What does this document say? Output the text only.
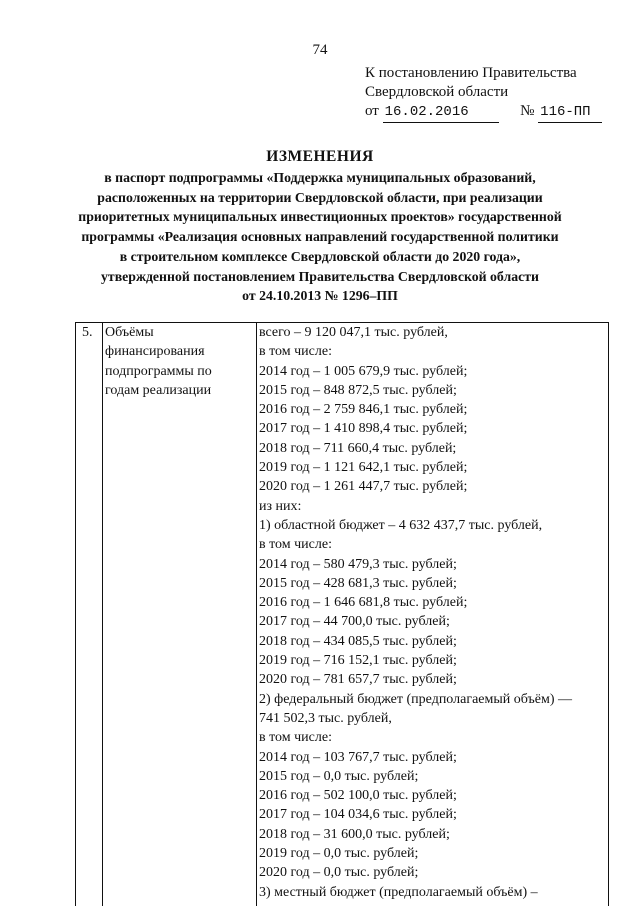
74
К постановлению Правительства
Свердловской области
от 16.02.2016	№ 116-ПП
ИЗМЕНЕНИЯ
в паспорт подпрограммы «Поддержка муниципальных образований,
расположенных на территории Свердловской области, при реализации
приоритетных муниципальных инвестиционных проектов» государственной
программы «Реализация основных направлений государственной политики
в строительном комплексе Свердловской области до 2020 года»,
утвержденной постановлением Правительства Свердловской области
от 24.10.2013 № 1296–ПП
5. Объёмы
финансирования
подпрограммы по
годам реализации
всего – 9 120 047,1 тыс. рублей,
в том числе:
2014 год – 1 005 679,9 тыс. рублей;
2015 год – 848 872,5 тыс. рублей;
2016 год – 2 759 846,1 тыс. рублей;
2017 год – 1 410 898,4 тыс. рублей;
2018 год – 711 660,4 тыс. рублей;
2019 год – 1 121 642,1 тыс. рублей;
2020 год – 1 261 447,7 тыс. рублей;
из них:
1) областной бюджет – 4 632 437,7 тыс. рублей,
в том числе:
2014 год – 580 479,3 тыс. рублей;
2015 год – 428 681,3 тыс. рублей;
2016 год – 1 646 681,8 тыс. рублей;
2017 год – 44 700,0 тыс. рублей;
2018 год – 434 085,5 тыс. рублей;
2019 год – 716 152,1 тыс. рублей;
2020 год – 781 657,7 тыс. рублей;
2) федеральный бюджет (предполагаемый объём) —
741 502,3 тыс. рублей,
в том числе:
2014 год – 103 767,7 тыс. рублей;
2015 год – 0,0 тыс. рублей;
2016 год – 502 100,0 тыс. рублей;
2017 год – 104 034,6 тыс. рублей;
2018 год – 31 600,0 тыс. рублей;
2019 год – 0,0 тыс. рублей;
2020 год – 0,0 тыс. рублей;
3) местный бюджет (предполагаемый объём) –
